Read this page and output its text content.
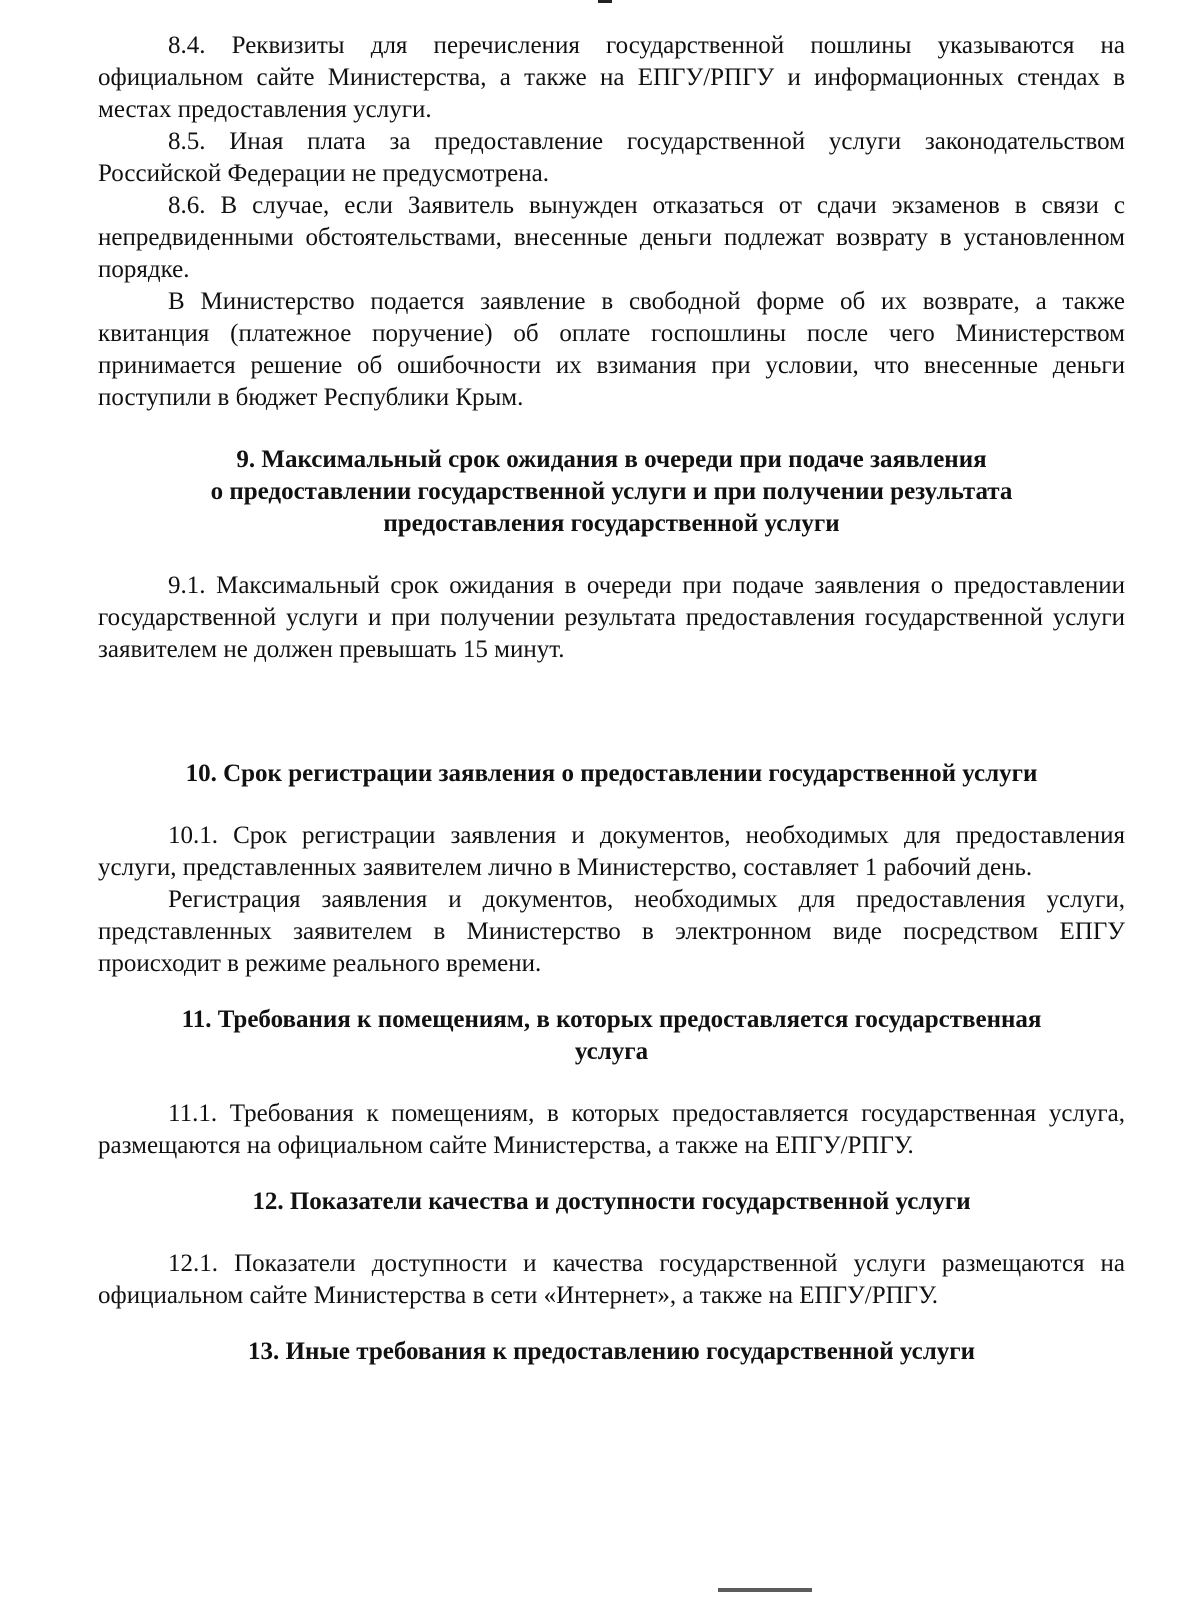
8.4. Реквизиты для перечисления государственной пошлины указываются на официальном сайте Министерства, а также на ЕПГУ/РПГУ и информационных стендах в местах предоставления услуги.

8.5. Иная плата за предоставление государственной услуги законодательством Российской Федерации не предусмотрена.

8.6. В случае, если Заявитель вынужден отказаться от сдачи экзаменов в связи с непредвиденными обстоятельствами, внесенные деньги подлежат возврату в установленном порядке.

В Министерство подается заявление в свободной форме об их возврате, а также квитанция (платежное поручение) об оплате госпошлины после чего Министерством принимается решение об ошибочности их взимания при условии, что внесенные деньги поступили в бюджет Республики Крым.

9. Максимальный срок ожидания в очереди при подаче заявления

о предоставлении государственной услуги и при получении результата

предоставления государственной услуги

9.1. Максимальный срок ожидания в очереди при подаче заявления о предоставлении государственной услуги и при получении результата предоставления государственной услуги заявителем не должен превышать 15 минут.

10. Срок регистрации заявления о предоставлении государственной услуги

10.1. Срок регистрации заявления и документов, необходимых для предоставления услуги, представленных заявителем лично в Министерство, составляет 1 рабочий день.

Регистрация заявления и документов, необходимых для предоставления услуги, представленных заявителем в Министерство в электронном виде посредством ЕПГУ происходит в режиме реального времени.

11. Требования к помещениям, в которых предоставляется государственная

услуга

11.1. Требования к помещениям, в которых предоставляется государственная услуга, размещаются на официальном сайте Министерства, а также на ЕПГУ/РПГУ.

12. Показатели качества и доступности государственной услуги

12.1. Показатели доступности и качества государственной услуги размещаются на официальном сайте Министерства в сети «Интернет», а также на ЕПГУ/РПГУ.

13. Иные требования к предоставлению государственной услуги
